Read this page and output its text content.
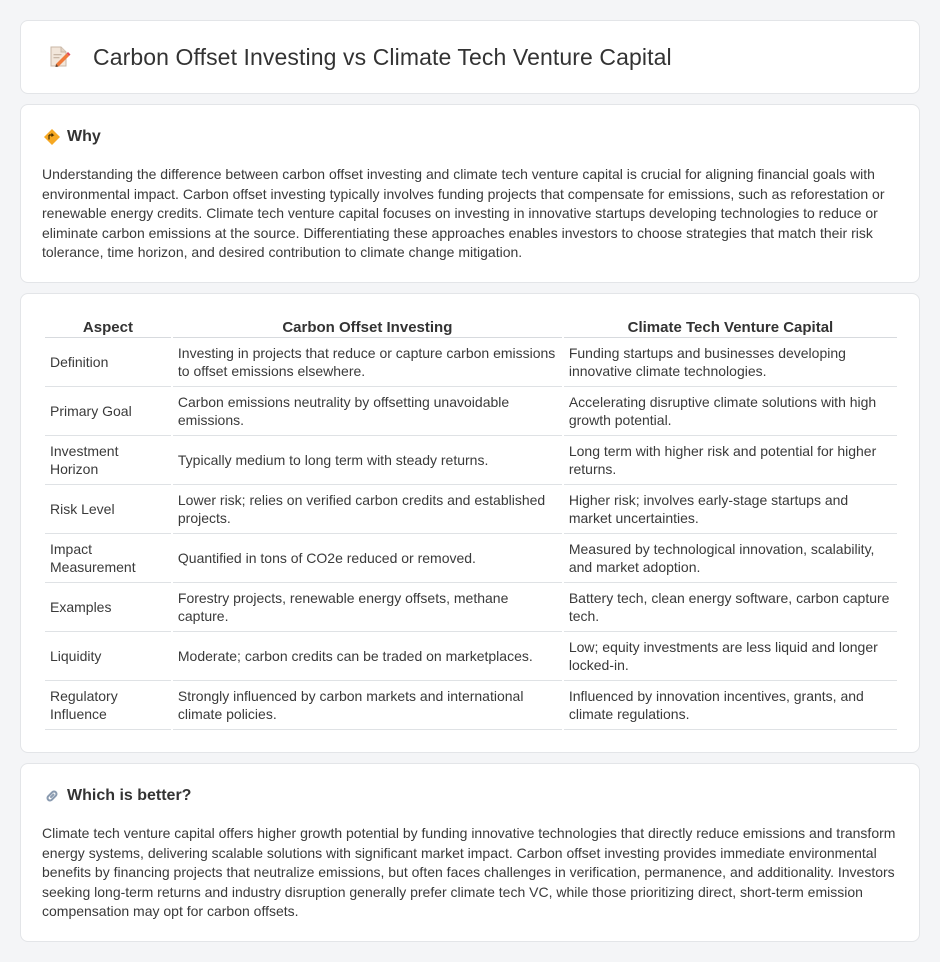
Carbon Offset Investing vs Climate Tech Venture Capital
Why

Understanding the difference between carbon offset investing and climate tech venture capital is crucial for aligning financial goals with environmental impact. Carbon offset investing typically involves funding projects that compensate for emissions, such as reforestation or renewable energy credits. Climate tech venture capital focuses on investing in innovative startups developing technologies to reduce or eliminate carbon emissions at the source. Differentiating these approaches enables investors to choose strategies that match their risk tolerance, time horizon, and desired contribution to climate change mitigation.

Aspect	Carbon Offset Investing	Climate Tech Venture Capital
Definition	Investing in projects that reduce or capture carbon emissions to offset emissions elsewhere.	Funding startups and businesses developing innovative climate technologies.
Primary Goal	Carbon emissions neutrality by offsetting unavoidable emissions.	Accelerating disruptive climate solutions with high growth potential.
Investment Horizon	Typically medium to long term with steady returns.	Long term with higher risk and potential for higher returns.
Risk Level	Lower risk; relies on verified carbon credits and established projects.	Higher risk; involves early-stage startups and market uncertainties.
Impact Measurement	Quantified in tons of CO2e reduced or removed.	Measured by technological innovation, scalability, and market adoption.
Examples	Forestry projects, renewable energy offsets, methane capture.	Battery tech, clean energy software, carbon capture tech.
Liquidity	Moderate; carbon credits can be traded on marketplaces.	Low; equity investments are less liquid and longer locked-in.
Regulatory Influence	Strongly influenced by carbon markets and international climate policies.	Influenced by innovation incentives, grants, and climate regulations.
Which is better?

Climate tech venture capital offers higher growth potential by funding innovative technologies that directly reduce emissions and transform energy systems, delivering scalable solutions with significant market impact. Carbon offset investing provides immediate environmental benefits by financing projects that neutralize emissions, but often faces challenges in verification, permanence, and additionality. Investors seeking long-term returns and industry disruption generally prefer climate tech VC, while those prioritizing direct, short-term emission compensation may opt for carbon offsets.
